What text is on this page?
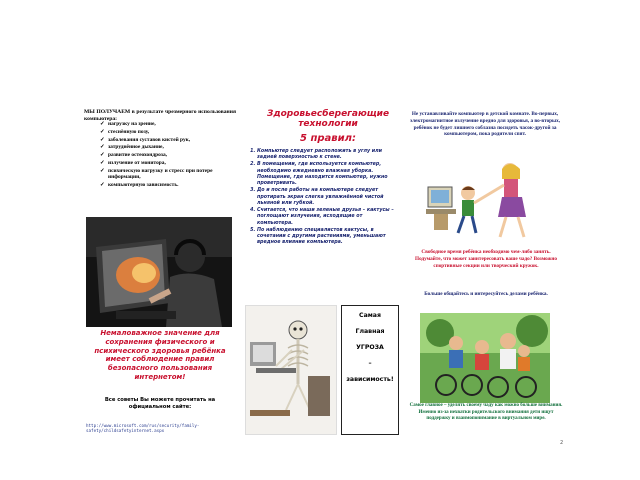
МЫ ПОЛУЧАЕМ в результате чрезмерного использования компьютера:
✓ нагрузку на зрение,
✓ стеснённую позу,
✓ заболевания суставов кистей рук,
✓ затруднённое дыхание,
✓ развитие остеохондроза,
✓ излучение от монитора,
✓ психическую нагрузку и стресс при потере информации,
✓ компьютерную зависимость.
Немаловажное значение для сохранения физического и психического здоровья ребёнка имеет соблюдение правил безопасного пользования интернетом!
Все советы Вы можете прочитать на официальном сайте:
http://www.microsoft.com/rus/security/family-safety/childsafetyinternet.aspx
Здоровьесберегающие технологии
5 правил:
1. Компьютер следует расположить в углу или задней поверхностью к стене.
2. В помещении, где используется компьютер, необходимо ежедневно влажная уборка. Помещение, где находится компьютер, нужно проветривать.
3. До и после работы на компьютере следует протирать экран слегка увлажнённой чистой льняной или губкой.
4. Считается, что наши зеленые друзья – кактусы – поглощают излучения, исходящие от компьютера.
5. По наблюдению специалистов кактусы, в сочетании с другими растениями, уменьшают вредное влияние компьютера.
Самая
Главная
УГРОЗА
–
зависимость!
Не устанавливайте компьютер в детской комнате. Во-первых, электромагнитное излучение вредно для здоровья, а во-вторых, ребёнок не будет лишнего соблазна посидеть часок-другой за компьютером, пока родители спят.
Свободное время ребёнка необходимо чем-либо занять. Подумайте, что может заинтересовать вашe чадо? Возможно спортивные секции или творческий кружок.
Больше общайтесь и интересуйтесь делами ребёнка.
Самое главное – уделять своему чаду как можно больше внимания. Именно из-за нехватки родительского внимания дети ищут поддержку и взаимопонимание в виртуальном мире.
2
